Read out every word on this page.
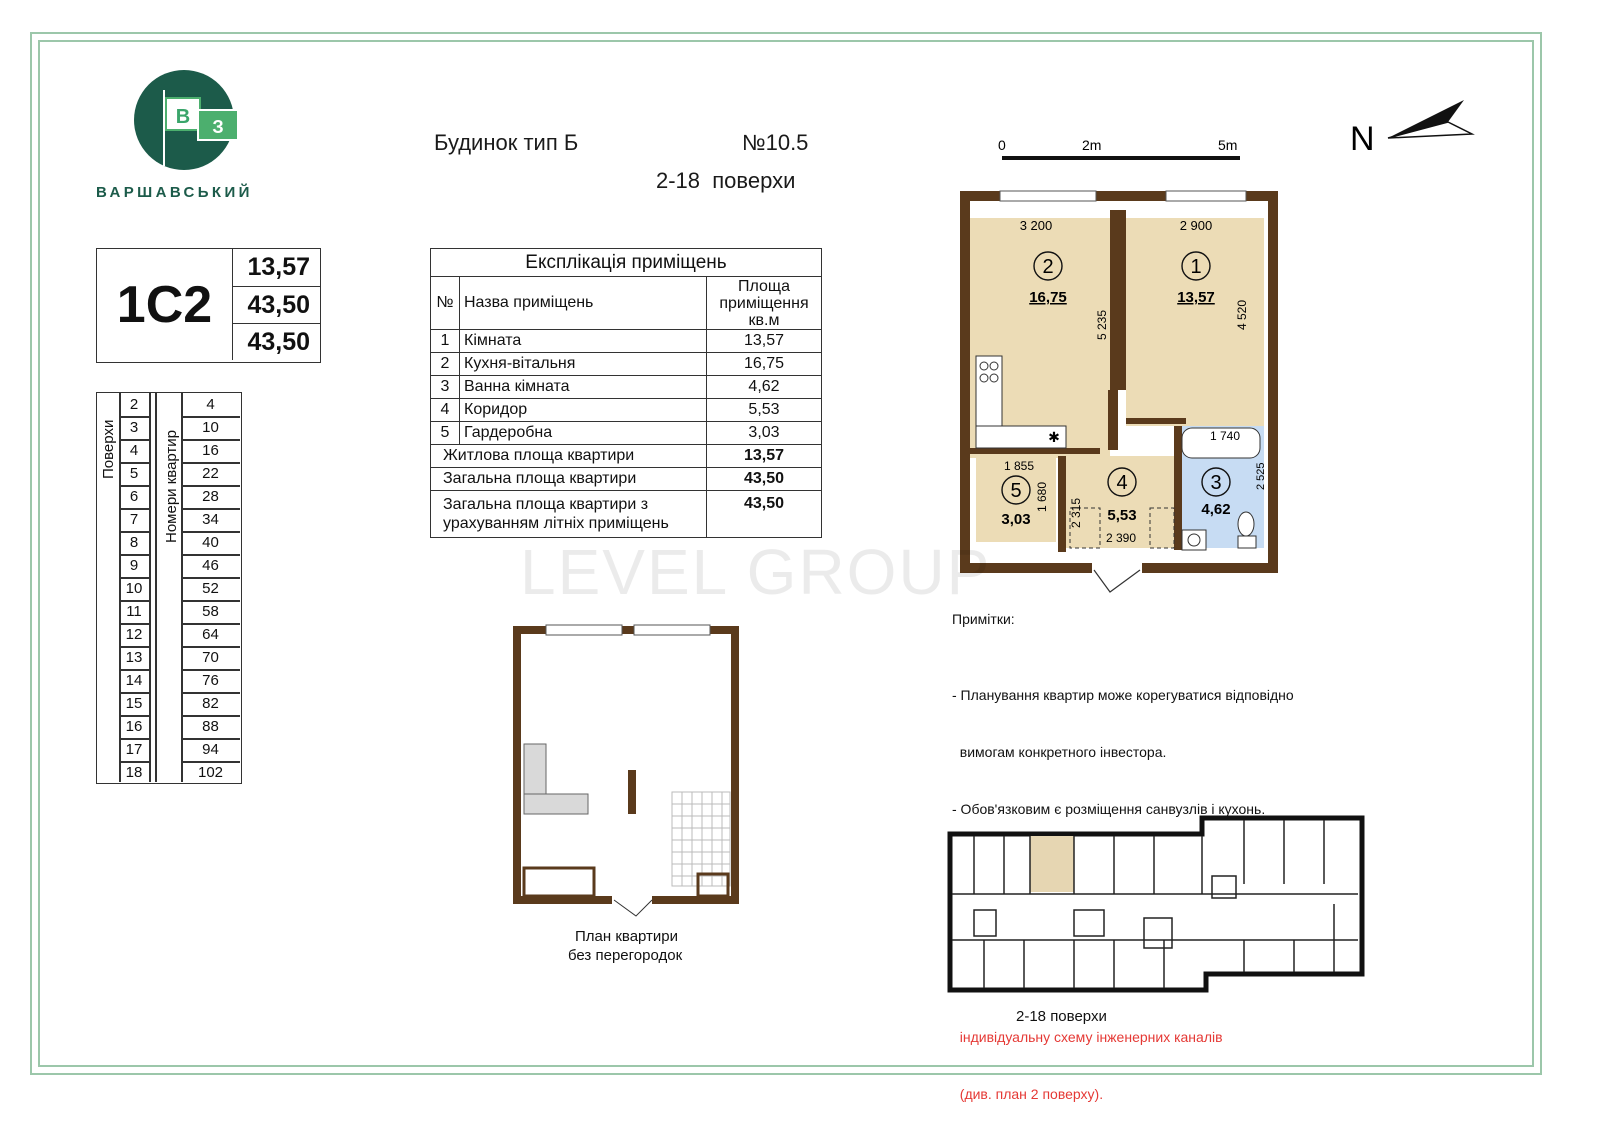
В З
ВАРШАВСЬКИЙ
Будинок тип Б	№10.5
2-18  поверхи
0	2m	5m	N
1С2
13,57
43,50
43,50
Поверхи	Номери квартир
2	4
3	10
4	16
5	22
6	28
7	34
8	40
9	46
10	52
11	58
12	64
13	70
14	76
15	82
16	88
17	94
18	102
Експлікація приміщень		
№	Назва приміщень	Площа приміщення кв.м
1	Кімната	13,57
2	Кухня-вітальня	16,75
3	Ванна кімната	4,62
4	Коридор	5,53
5	Гардеробна	3,03
Житлова площа квартири		13,57
Загальна площа квартири		43,50
Загальна площа квартири з урахуванням літніх приміщень		43,50
✱
3 200	2 900
5 235	4 520
1 740
1 855
1 680
2 315
2 390
2 525
2
16,75
1
13,57
3
4,62
4
5,53
5
3,03
LEVEL GROUP
План квартири
без перегородок
Примітки:

- Планування квартир може корегуватися відповідно

вимогам конкретного інвестора.

- Обов'язковим є розміщення санвузлів і кухонь.

індивідуальну схему інженерних каналів

(див. план 2 поверху).

2-18 поверхи
